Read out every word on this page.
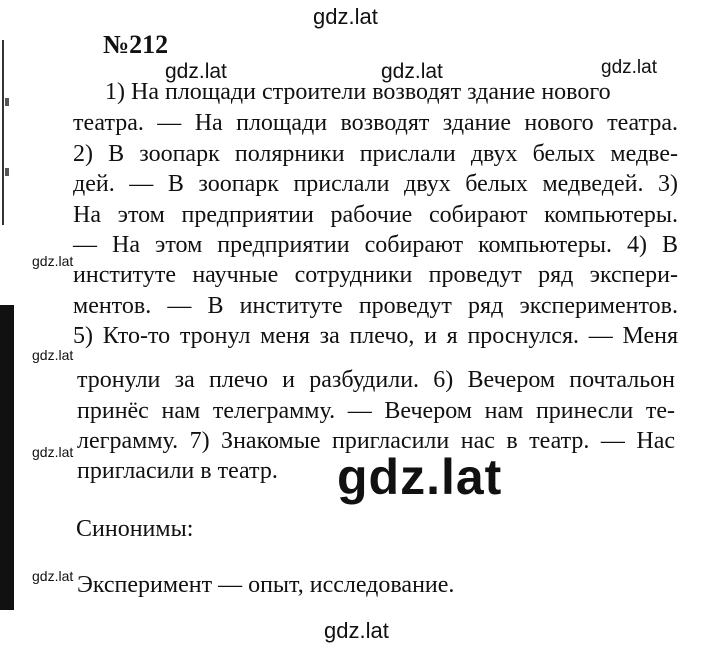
gdz.lat
gdz.lat	gdz.lat	gdz.lat
gdz.lat
gdz.lat
gdz.lat
gdz.lat
№212
1) На площади строители возводят здание нового
театра. — На площади возводят здание нового театра.
2) В зоопарк полярники прислали двух белых медве-
дей. — В зоопарк прислали двух белых медведей. 3)
На этом предприятии рабочие собирают компьютеры.
— На этом предприятии собирают компьютеры. 4) В
институте научные сотрудники проведут ряд экспери-
ментов. — В институте проведут ряд экспериментов.
5) Кто-то тронул меня за плечо, и я проснулся. — Меня
тронули за плечо и разбудили. 6) Вечером почтальон
принёс нам телеграмму. — Вечером нам принесли те-
леграмму. 7) Знакомые пригласили нас в театр. — Нас
пригласили в театр.
Синонимы:
Эксперимент — опыт, исследование.
gdz.lat
gdz.lat
